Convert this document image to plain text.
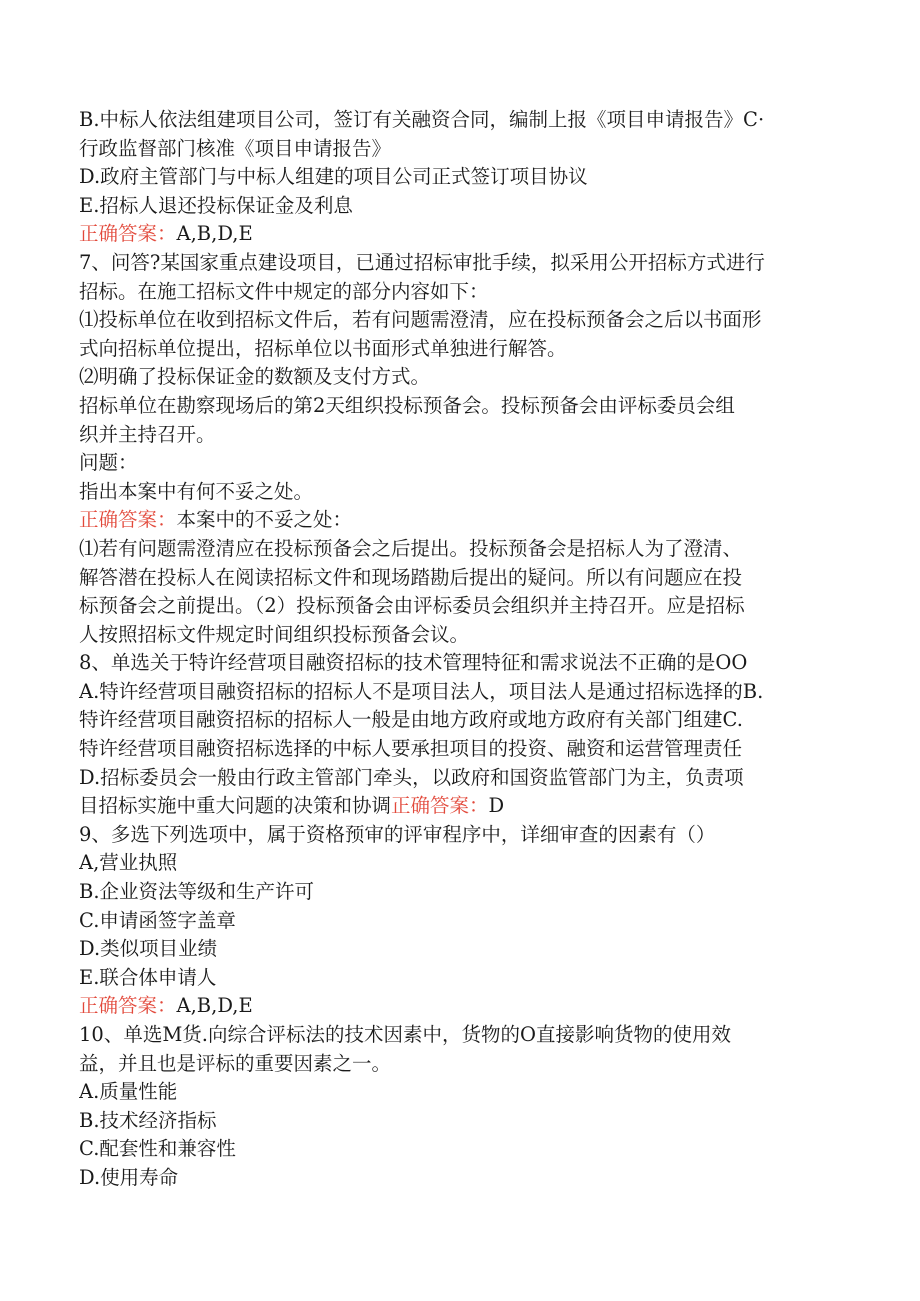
B.中标人依法组建项目公司，签订有关融资合同，编制上报《项目申请报告》C·
行政监督部门核准《项目申请报告》
D.政府主管部门与中标人组建的项目公司正式签订项目协议
E.招标人退还投标保证金及利息
正确答案：A,B,D,E
7、问答?某国家重点建设项目，已通过招标审批手续，拟采用公开招标方式进行
招标。在施工招标文件中规定的部分内容如下：
⑴投标单位在收到招标文件后，若有问题需澄清，应在投标预备会之后以书面形
式向招标单位提出，招标单位以书面形式单独进行解答。
⑵明确了投标保证金的数额及支付方式。
招标单位在勘察现场后的第2天组织投标预备会。投标预备会由评标委员会组
织并主持召开。
问题：
指出本案中有何不妥之处。
正确答案：本案中的不妥之处：
⑴若有问题需澄清应在投标预备会之后提出。投标预备会是招标人为了澄清、
解答潜在投标人在阅读招标文件和现场踏勘后提出的疑问。所以有问题应在投
标预备会之前提出。（2）投标预备会由评标委员会组织并主持召开。应是招标
人按照招标文件规定时间组织投标预备会议。
8、单选关于特许经营项目融资招标的技术管理特征和需求说法不正确的是OO
A.特许经营项目融资招标的招标人不是项目法人，项目法人是通过招标选择的B.
特许经营项目融资招标的招标人一般是由地方政府或地方政府有关部门组建C.
特许经营项目融资招标选择的中标人要承担项目的投资、融资和运营管理责任
D.招标委员会一般由行政主管部门牵头，以政府和国资监管部门为主，负责项
目招标实施中重大问题的决策和协调正确答案：D
9、多选下列选项中，属于资格预审的评审程序中，详细审查的因素有（）
A,营业执照
B.企业资法等级和生产许可
C.申请函签字盖章
D.类似项目业绩
E.联合体申请人
正确答案：A,B,D,E
10、单选M货.向综合评标法的技术因素中，货物的O直接影响货物的使用效
益，并且也是评标的重要因素之一。
A.质量性能
B.技术经济指标
C.配套性和兼容性
D.使用寿命
